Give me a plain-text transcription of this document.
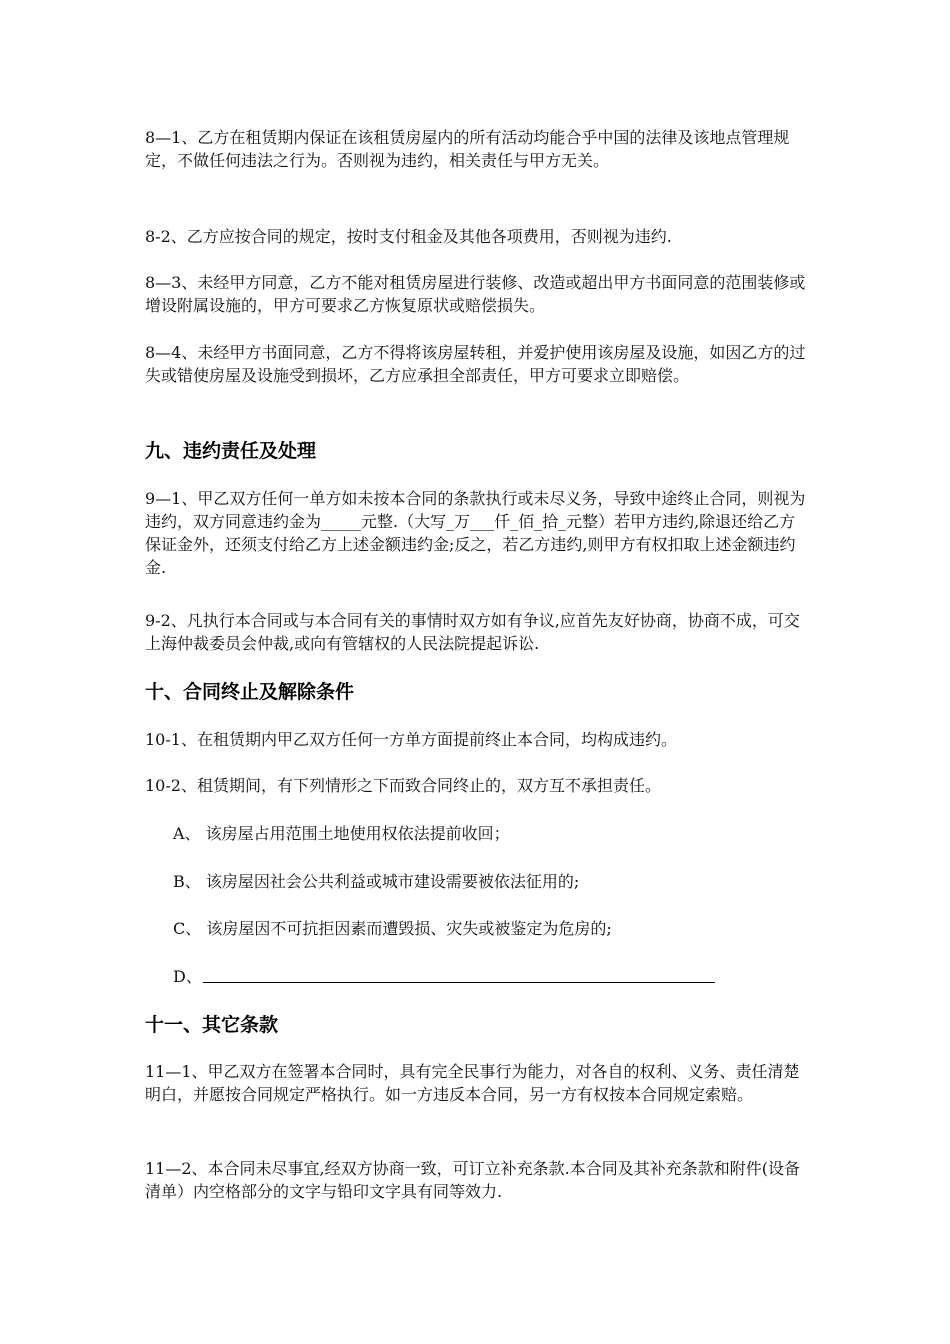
8—1、乙方在租赁期内保证在该租赁房屋内的所有活动均能合乎中国的法律及该地点管理规定，不做任何违法之行为。否则视为违约，相关责任与甲方无关。

8-2、乙方应按合同的规定，按时支付租金及其他各项费用，否则视为违约.

8—3、未经甲方同意，乙方不能对租赁房屋进行装修、改造或超出甲方书面同意的范围装修或增设附属设施的，甲方可要求乙方恢复原状或赔偿损失。

8—4、未经甲方书面同意，乙方不得将该房屋转租，并爱护使用该房屋及设施，如因乙方的过失或错使房屋及设施受到损坏，乙方应承担全部责任，甲方可要求立即赔偿。

九、违约责任及处理

9—1、甲乙双方任何一单方如未按本合同的条款执行或未尽义务，导致中途终止合同，则视为违约，双方同意违约金为_____元整.（大写_万___仟_佰_拾_元整）若甲方违约,除退还给乙方保证金外，还须支付给乙方上述金额违约金;反之，若乙方违约,则甲方有权扣取上述金额违约金.

9-2、凡执行本合同或与本合同有关的事情时双方如有争议,应首先友好协商，协商不成，可交上海仲裁委员会仲裁,或向有管辖权的人民法院提起诉讼.

十、合同终止及解除条件

10-1、在租赁期内甲乙双方任何一方单方面提前终止本合同，均构成违约。

10-2、租赁期间，有下列情形之下而致合同终止的，双方互不承担责任。

A、 该房屋占用范围土地使用权依法提前收回；

B、 该房屋因社会公共利益或城市建设需要被依法征用的;

C、 该房屋因不可抗拒因素而遭毁损、灾失或被鉴定为危房的;

D、

十一、其它条款

11—1、甲乙双方在签署本合同时，具有完全民事行为能力，对各自的权利、义务、责任清楚明白，并愿按合同规定严格执行。如一方违反本合同，另一方有权按本合同规定索赔。

11—2、本合同未尽事宜,经双方协商一致，可订立补充条款.本合同及其补充条款和附件(设备清单）内空格部分的文字与铅印文字具有同等效力.
